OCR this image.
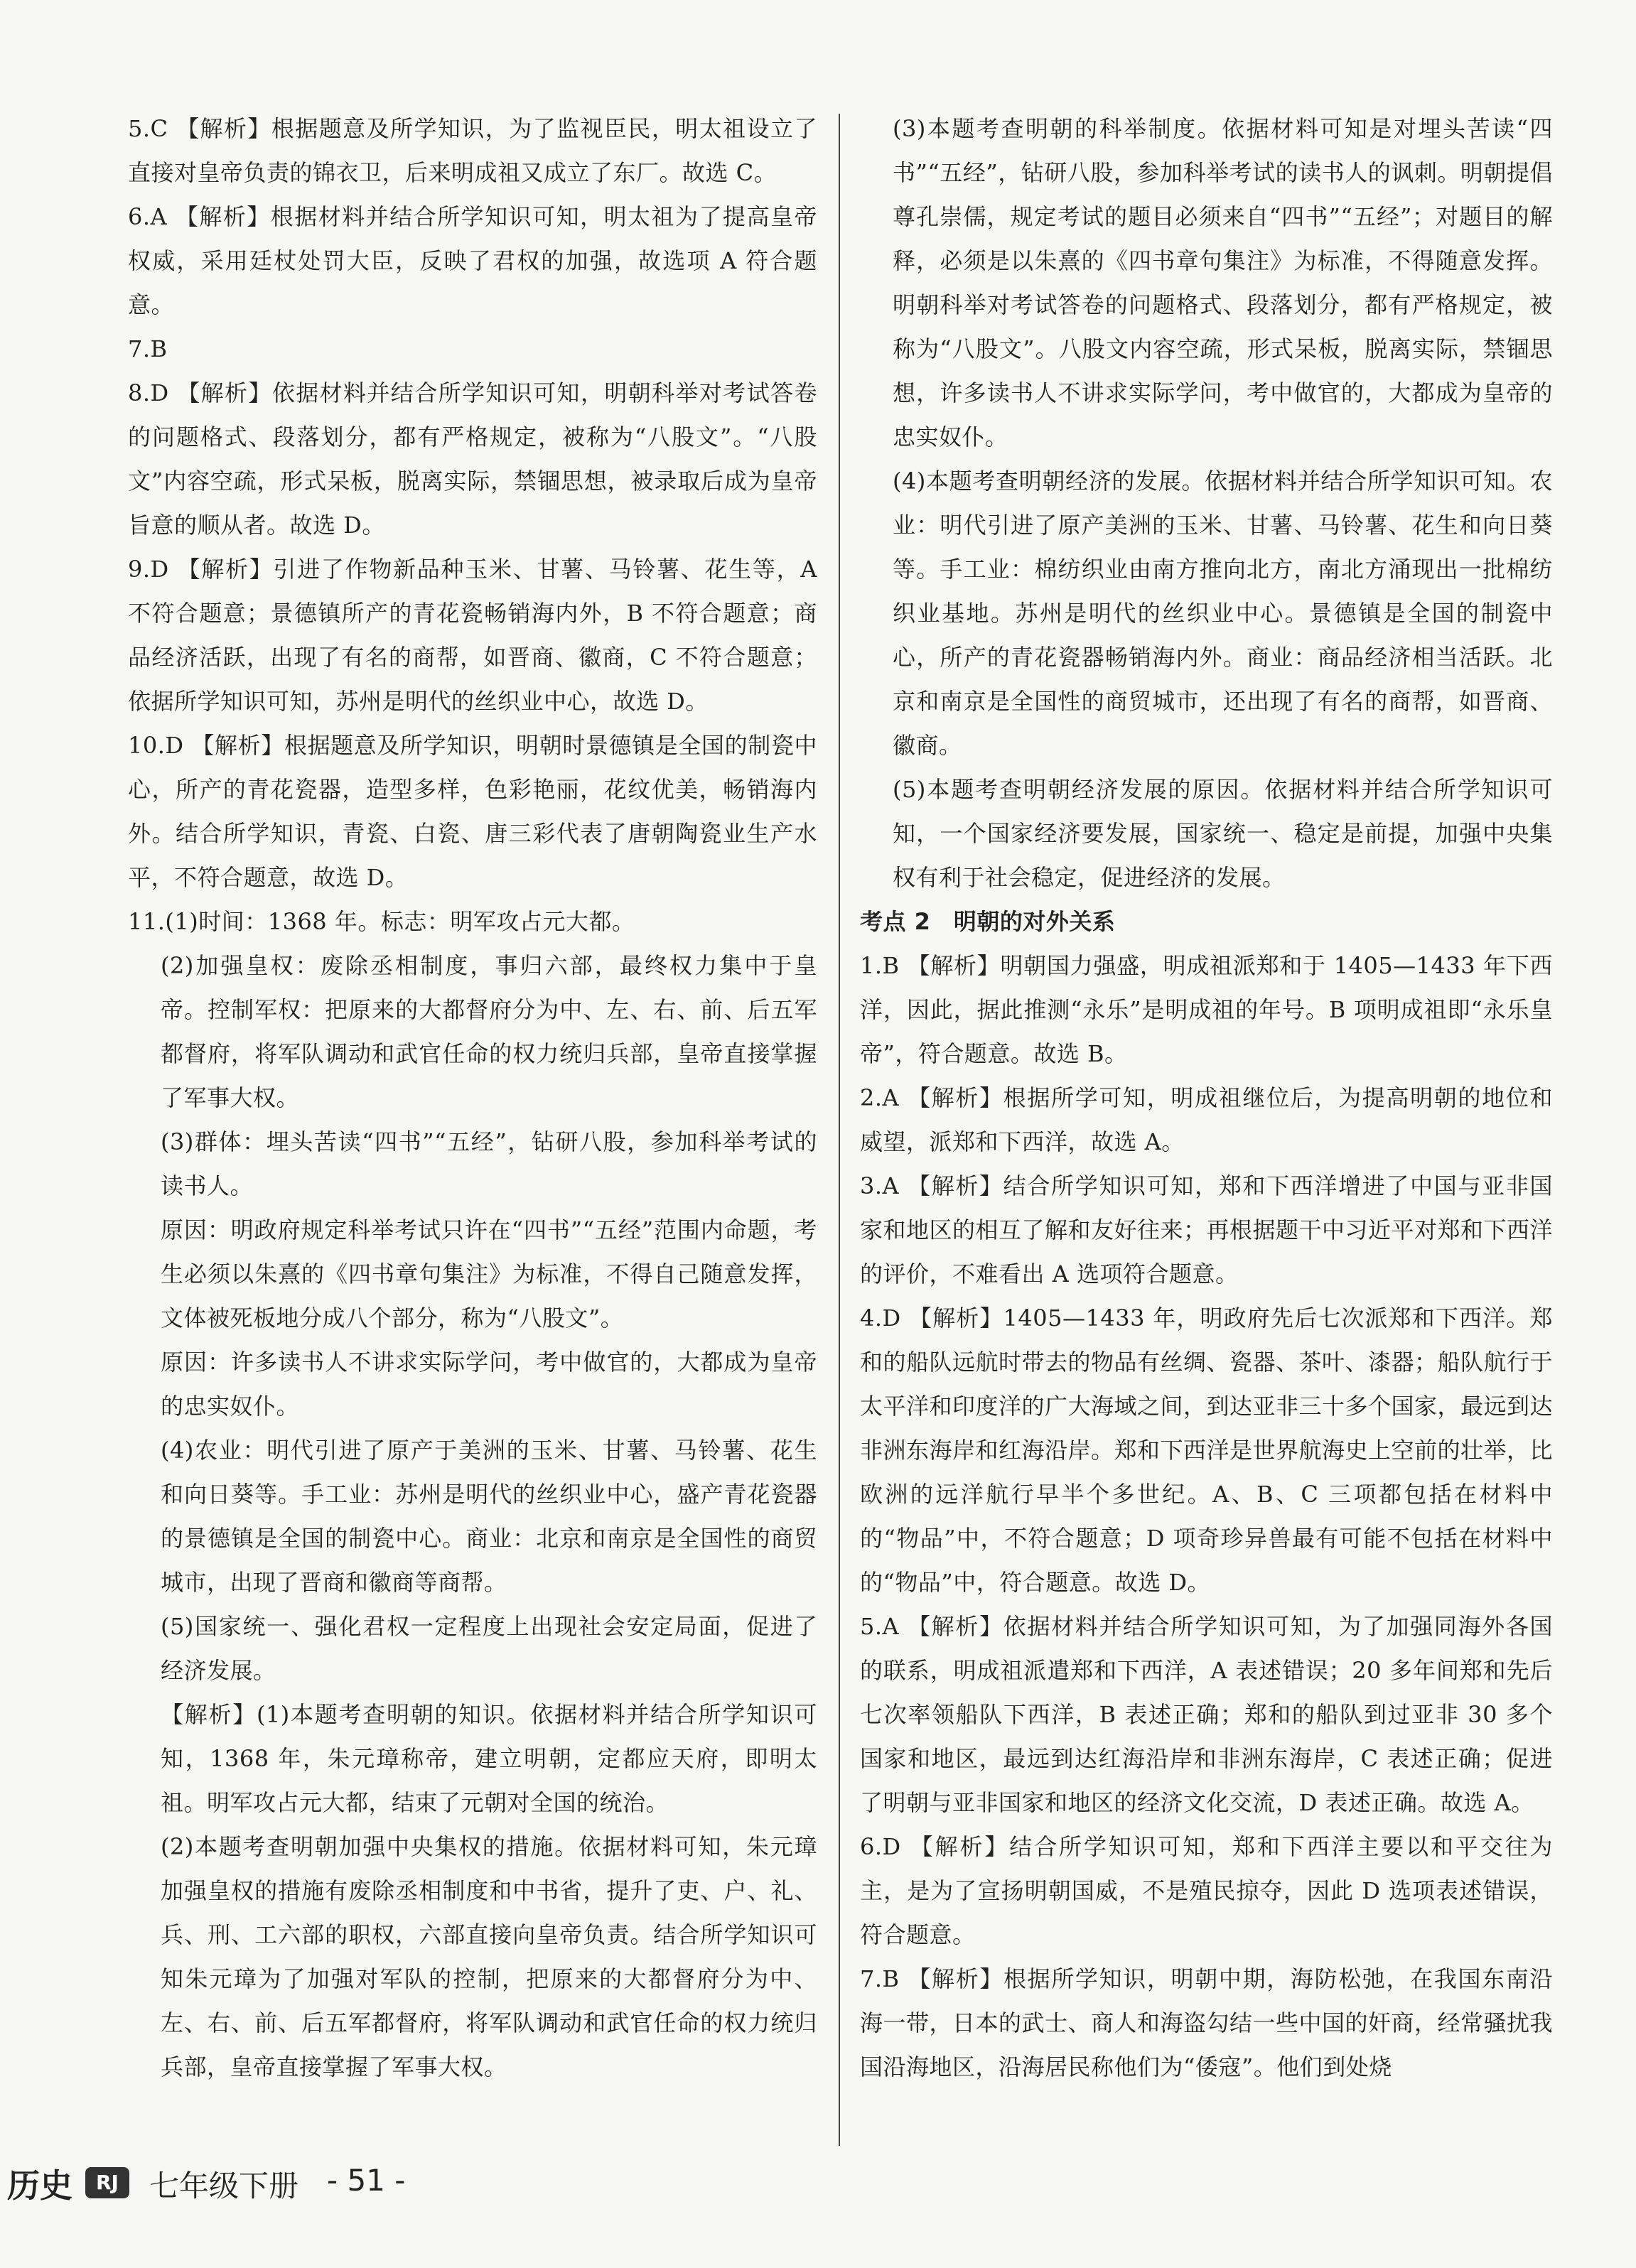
5.C 【解析】根据题意及所学知识，为了监视臣民，明太祖设立了直接对皇帝负责的锦衣卫，后来明成祖又成立了东厂。故选 C。

6.A 【解析】根据材料并结合所学知识可知，明太祖为了提高皇帝权威，采用廷杖处罚大臣，反映了君权的加强，故选项 A 符合题意。

7.B

8.D 【解析】依据材料并结合所学知识可知，明朝科举对考试答卷的问题格式、段落划分，都有严格规定，被称为“八股文”。“八股文”内容空疏，形式呆板，脱离实际，禁锢思想，被录取后成为皇帝旨意的顺从者。故选 D。

9.D 【解析】引进了作物新品种玉米、甘薯、马铃薯、花生等，A 不符合题意；景德镇所产的青花瓷畅销海内外，B 不符合题意；商品经济活跃，出现了有名的商帮，如晋商、徽商，C 不符合题意；依据所学知识可知，苏州是明代的丝织业中心，故选 D。

10.D 【解析】根据题意及所学知识，明朝时景德镇是全国的制瓷中心，所产的青花瓷器，造型多样，色彩艳丽，花纹优美，畅销海内外。结合所学知识，青瓷、白瓷、唐三彩代表了唐朝陶瓷业生产水平，不符合题意，故选 D。

11.(1)时间：1368 年。标志：明军攻占元大都。

(2)加强皇权：废除丞相制度，事归六部，最终权力集中于皇帝。控制军权：把原来的大都督府分为中、左、右、前、后五军都督府，将军队调动和武官任命的权力统归兵部，皇帝直接掌握了军事大权。

(3)群体：埋头苦读“四书”“五经”，钻研八股，参加科举考试的读书人。

原因：明政府规定科举考试只许在“四书”“五经”范围内命题，考生必须以朱熹的《四书章句集注》为标准，不得自己随意发挥，文体被死板地分成八个部分，称为“八股文”。

原因：许多读书人不讲求实际学问，考中做官的，大都成为皇帝的忠实奴仆。

(4)农业：明代引进了原产于美洲的玉米、甘薯、马铃薯、花生和向日葵等。手工业：苏州是明代的丝织业中心，盛产青花瓷器的景德镇是全国的制瓷中心。商业：北京和南京是全国性的商贸城市，出现了晋商和徽商等商帮。

(5)国家统一、强化君权一定程度上出现社会安定局面，促进了经济发展。

【解析】(1)本题考查明朝的知识。依据材料并结合所学知识可知，1368 年，朱元璋称帝，建立明朝，定都应天府，即明太祖。明军攻占元大都，结束了元朝对全国的统治。

(2)本题考查明朝加强中央集权的措施。依据材料可知，朱元璋加强皇权的措施有废除丞相制度和中书省，提升了吏、户、礼、兵、刑、工六部的职权，六部直接向皇帝负责。结合所学知识可知朱元璋为了加强对军队的控制，把原来的大都督府分为中、左、右、前、后五军都督府，将军队调动和武官任命的权力统归兵部，皇帝直接掌握了军事大权。

(3)本题考查明朝的科举制度。依据材料可知是对埋头苦读“四书”“五经”，钻研八股，参加科举考试的读书人的讽刺。明朝提倡尊孔崇儒，规定考试的题目必须来自“四书”“五经”；对题目的解释，必须是以朱熹的《四书章句集注》为标准，不得随意发挥。明朝科举对考试答卷的问题格式、段落划分，都有严格规定，被称为“八股文”。八股文内容空疏，形式呆板，脱离实际，禁锢思想，许多读书人不讲求实际学问，考中做官的，大都成为皇帝的忠实奴仆。

(4)本题考查明朝经济的发展。依据材料并结合所学知识可知。农业：明代引进了原产美洲的玉米、甘薯、马铃薯、花生和向日葵等。手工业：棉纺织业由南方推向北方，南北方涌现出一批棉纺织业基地。苏州是明代的丝织业中心。景德镇是全国的制瓷中心，所产的青花瓷器畅销海内外。商业：商品经济相当活跃。北京和南京是全国性的商贸城市，还出现了有名的商帮，如晋商、徽商。

(5)本题考查明朝经济发展的原因。依据材料并结合所学知识可知，一个国家经济要发展，国家统一、稳定是前提，加强中央集权有利于社会稳定，促进经济的发展。

考点 2　明朝的对外关系

1.B 【解析】明朝国力强盛，明成祖派郑和于 1405—1433 年下西洋，因此，据此推测“永乐”是明成祖的年号。B 项明成祖即“永乐皇帝”，符合题意。故选 B。

2.A 【解析】根据所学可知，明成祖继位后，为提高明朝的地位和威望，派郑和下西洋，故选 A。

3.A 【解析】结合所学知识可知，郑和下西洋增进了中国与亚非国家和地区的相互了解和友好往来；再根据题干中习近平对郑和下西洋的评价，不难看出 A 选项符合题意。

4.D 【解析】1405—1433 年，明政府先后七次派郑和下西洋。郑和的船队远航时带去的物品有丝绸、瓷器、茶叶、漆器；船队航行于太平洋和印度洋的广大海域之间，到达亚非三十多个国家，最远到达非洲东海岸和红海沿岸。郑和下西洋是世界航海史上空前的壮举，比欧洲的远洋航行早半个多世纪。A、B、C 三项都包括在材料中的“物品”中，不符合题意；D 项奇珍异兽最有可能不包括在材料中的“物品”中，符合题意。故选 D。

5.A 【解析】依据材料并结合所学知识可知，为了加强同海外各国的联系，明成祖派遣郑和下西洋，A 表述错误；20 多年间郑和先后七次率领船队下西洋，B 表述正确；郑和的船队到过亚非 30 多个国家和地区，最远到达红海沿岸和非洲东海岸，C 表述正确；促进了明朝与亚非国家和地区的经济文化交流，D 表述正确。故选 A。

6.D 【解析】结合所学知识可知，郑和下西洋主要以和平交往为主，是为了宣扬明朝国威，不是殖民掠夺，因此 D 选项表述错误，符合题意。

7.B 【解析】根据所学知识，明朝中期，海防松弛，在我国东南沿海一带，日本的武士、商人和海盗勾结一些中国的奸商，经常骚扰我国沿海地区，沿海居民称他们为“倭寇”。他们到处烧

历史	RJ	七年级下册 - 51 -
